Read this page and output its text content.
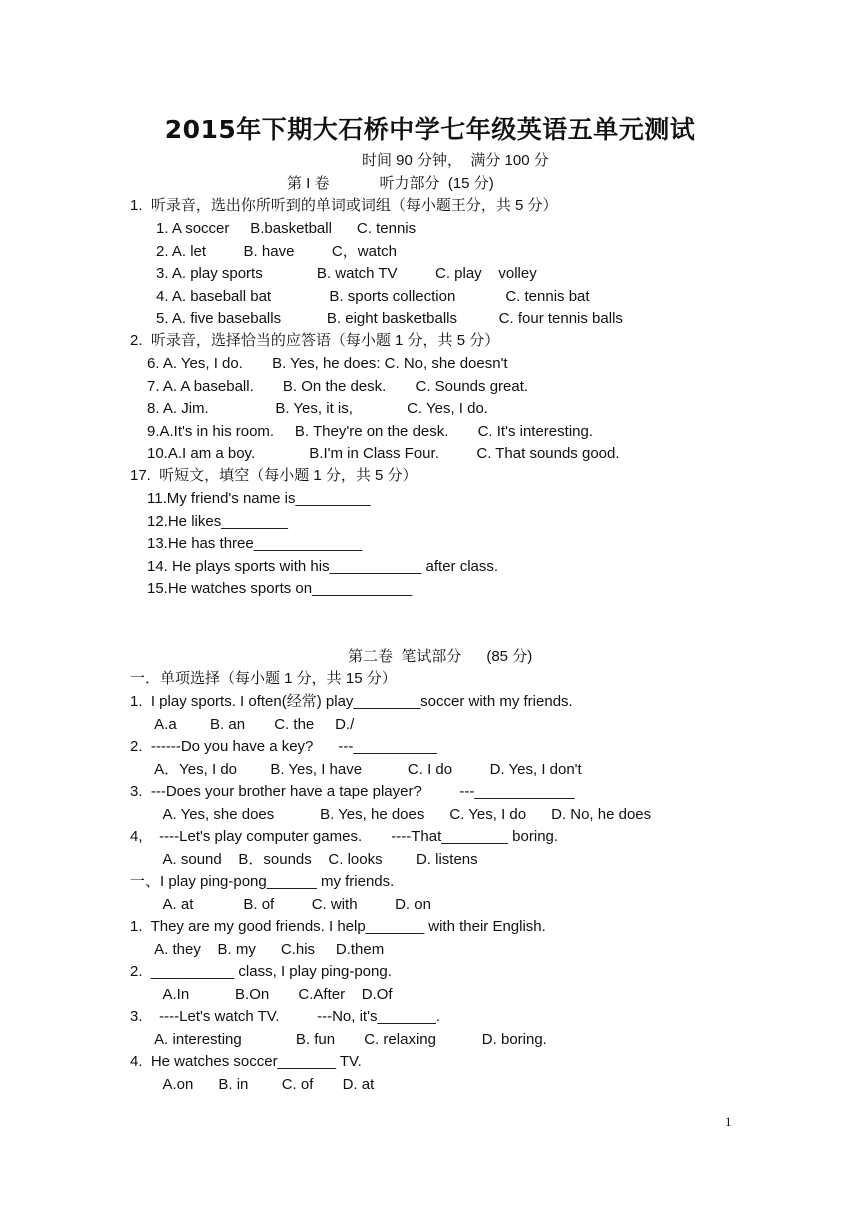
2015年下期大石桥中学七年级英语五单元测试
时间 90 分钟，  满分 100 分
第 I 卷            听力部分  (15 分)
1.  听录音，选出你所听到的单词或词组（每小题王分，共 5 分）
1. A soccer     B.basketball      C. tennis
2. A. let         B. have         C，watch
3. A. play sports             B. watch TV         C. play    volley
4. A. baseball bat              B. sports collection            C. tennis bat
5. A. five baseballs           B. eight basketballs          C. four tennis balls
2.  听录音，选择恰当的应答语（每小题 1 分，共 5 分）
6. A. Yes, I do.       B. Yes, he does: C. No, she doesn't
7. A. A baseball.       B. On the desk.       C. Sounds great.
8. A. Jim.                B. Yes, it is,             C. Yes, I do.
9.A.It's in his room.     B. They're on the desk.       C. It's interesting.
10.A.I am a boy.             B.I'm in Class Four.         C. That sounds good.
17.  听短文，填空（每小题 1 分，共 5 分）
11.My friend's name is_________
12.He likes________
13.He has three_____________
14. He plays sports with his___________ after class.
15.He watches sports on____________
第二卷  笔试部分      (85 分)
一．单项选择（每小题 1 分，共 15 分）
1.  I play sports. I often(经常) play________soccer with my friends.
A.a        B. an       C. the     D./
2.  ------Do you have a key?      ---__________
A．Yes, I do        B. Yes, I have           C. I do         D. Yes, I don't
3.  ---Does your brother have a tape player?         ---____________
A. Yes, she does           B. Yes, he does      C. Yes, I do      D. No, he does
4,    ----Let's play computer games.       ----That________ boring.
A. sound    B．sounds    C. looks        D. listens
一、I play ping-pong______ my friends.
A. at            B. of         C. with         D. on
1.  They are my good friends. I help_______ with their English.
A. they    B. my      C.his     D.them
2.  __________ class, I play ping-pong.
A.In           B.On       C.After    D.Of
3.    ----Let's watch TV.         ---No, it's_______.
A. interesting             B. fun       C. relaxing           D. boring.
4.  He watches soccer_______ TV.
A.on      B. in        C. of       D. at
1
